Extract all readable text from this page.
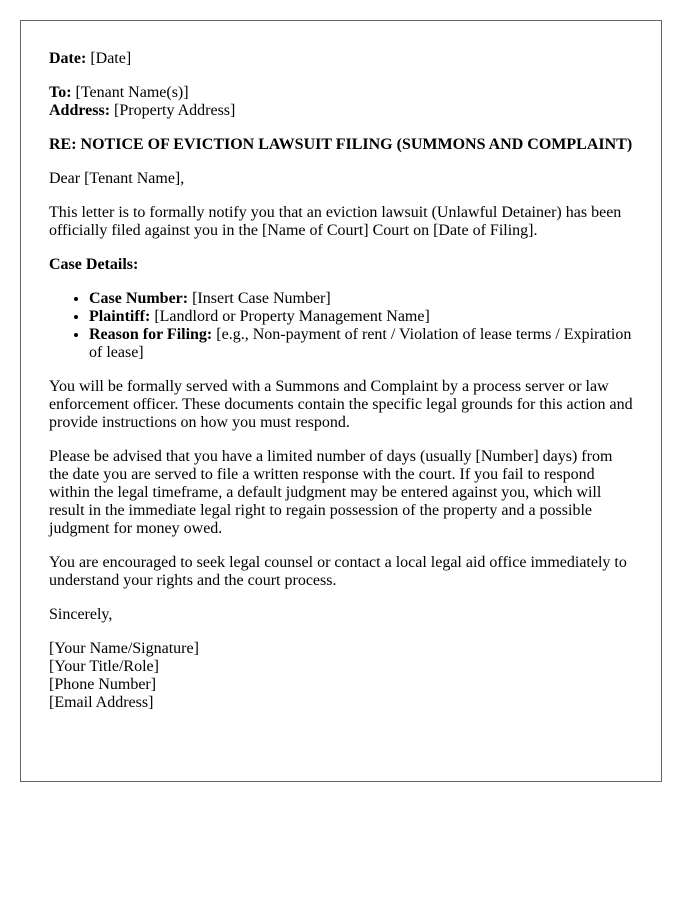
Date: [Date]

To: [Tenant Name(s)]
Address: [Property Address]

RE: NOTICE OF EVICTION LAWSUIT FILING (SUMMONS AND COMPLAINT)

Dear [Tenant Name],

This letter is to formally notify you that an eviction lawsuit (Unlawful Detainer) has been officially filed against you in the [Name of Court] Court on [Date of Filing].

Case Details:

• Case Number: [Insert Case Number]
• Plaintiff: [Landlord or Property Management Name]
• Reason for Filing: [e.g., Non-payment of rent / Violation of lease terms / Expiration of lease]

You will be formally served with a Summons and Complaint by a process server or law enforcement officer. These documents contain the specific legal grounds for this action and provide instructions on how you must respond.

Please be advised that you have a limited number of days (usually [Number] days) from the date you are served to file a written response with the court. If you fail to respond within the legal timeframe, a default judgment may be entered against you, which will result in the immediate legal right to regain possession of the property and a possible judgment for money owed.

You are encouraged to seek legal counsel or contact a local legal aid office immediately to understand your rights and the court process.

Sincerely,

[Your Name/Signature]
[Your Title/Role]
[Phone Number]
[Email Address]
